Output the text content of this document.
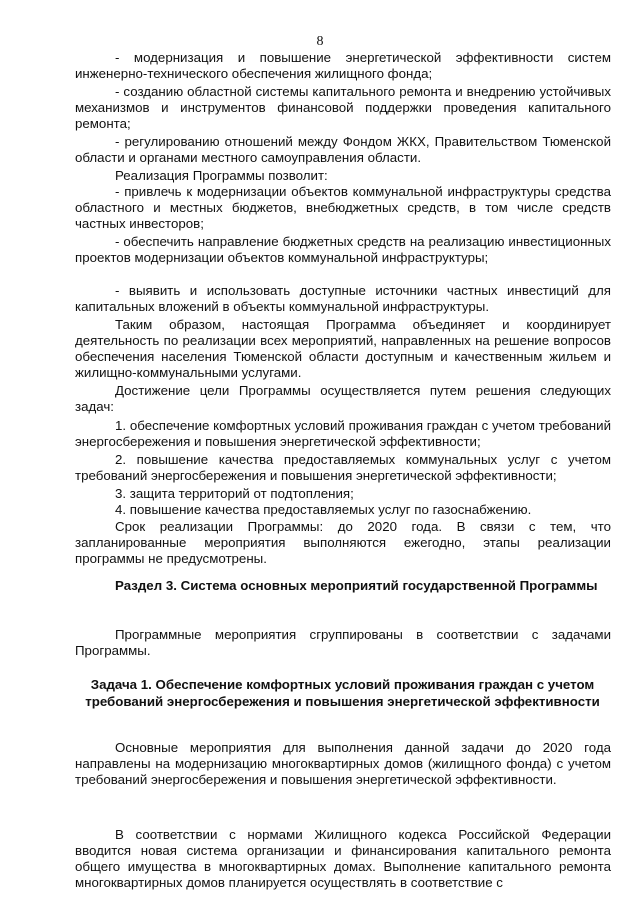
8

- модернизация и повышение энергетической эффективности систем инженерно-технического обеспечения жилищного фонда;

- созданию областной системы капитального ремонта и внедрению устойчивых механизмов и инструментов финансовой поддержки проведения капитального ремонта;

- регулированию отношений между Фондом ЖКХ, Правительством Тюменской области и органами местного самоуправления области.

Реализация Программы позволит:

- привлечь к модернизации объектов коммунальной инфраструктуры средства областного и местных бюджетов, внебюджетных средств, в том числе средств частных инвесторов;

- обеспечить направление бюджетных средств на реализацию инвестиционных проектов модернизации объектов коммунальной инфраструктуры;

- выявить и использовать доступные источники частных инвестиций для капитальных вложений в объекты коммунальной инфраструктуры.

Таким образом, настоящая Программа объединяет и координирует деятельность по реализации всех мероприятий, направленных на решение вопросов обеспечения населения Тюменской области доступным и качественным жильем и жилищно-коммунальными услугами.

Достижение цели Программы осуществляется путем решения следующих задач:

1. обеспечение комфортных условий проживания граждан с учетом требований энергосбережения и повышения энергетической эффективности;

2. повышение качества предоставляемых коммунальных услуг с учетом требований энергосбережения и повышения энергетической эффективности;

3. защита территорий от подтопления;

4. повышение качества предоставляемых услуг по газоснабжению.

Срок реализации Программы: до 2020 года. В связи с тем, что запланированные мероприятия выполняются ежегодно, этапы реализации программы не предусмотрены.

Раздел 3. Система основных мероприятий государственной Программы

Программные мероприятия сгруппированы в соответствии с задачами Программы.

Задача 1. Обеспечение комфортных условий проживания граждан с учетом требований энергосбережения и повышения энергетической эффективности

Основные мероприятия для выполнения данной задачи до 2020 года направлены на модернизацию многоквартирных домов (жилищного фонда) с учетом требований энергосбережения и повышения энергетической эффективности.

В соответствии с нормами Жилищного кодекса Российской Федерации вводится новая система организации и финансирования капитального ремонта общего имущества в многоквартирных домах. Выполнение капитального ремонта многоквартирных домов планируется осуществлять в соответствие с
